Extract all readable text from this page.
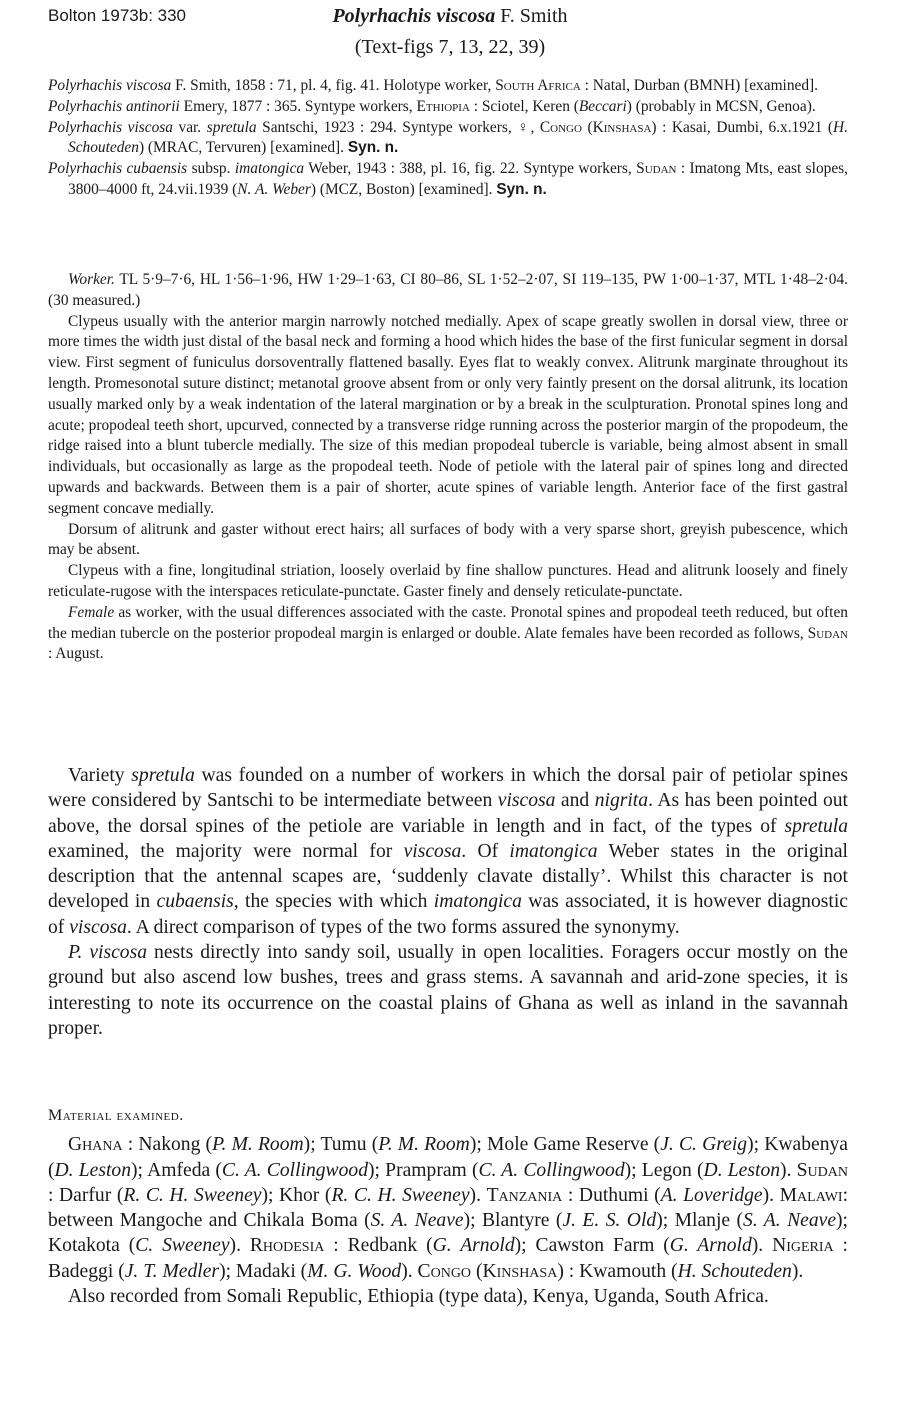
Bolton 1973b: 330	Polyrhachis viscosa F. Smith
(Text-figs 7, 13, 22, 39)

Polyrhachis viscosa F. Smith, 1858 : 71, pl. 4, fig. 41. Holotype worker, South Africa : Natal, Durban (BMNH) [examined].

Polyrhachis antinorii Emery, 1877 : 365. Syntype workers, Ethiopia : Sciotel, Keren (Beccari) (probably in MCSN, Genoa).

Polyrhachis viscosa var. spretula Santschi, 1923 : 294. Syntype workers, ♀, Congo (Kinshasa) : Kasai, Dumbi, 6.x.1921 (H. Schouteden) (MRAC, Tervuren) [examined]. Syn. n.

Polyrhachis cubaensis subsp. imatongica Weber, 1943 : 388, pl. 16, fig. 22. Syntype workers, Sudan : Imatong Mts, east slopes, 3800–4000 ft, 24.vii.1939 (N. A. Weber) (MCZ, Boston) [examined]. Syn. n.

Worker. TL 5·9–7·6, HL 1·56–1·96, HW 1·29–1·63, CI 80–86, SL 1·52–2·07, SI 119–135, PW 1·00–1·37, MTL 1·48–2·04. (30 measured.)

Clypeus usually with the anterior margin narrowly notched medially. Apex of scape greatly swollen in dorsal view, three or more times the width just distal of the basal neck and forming a hood which hides the base of the first funicular segment in dorsal view. First segment of funiculus dorsoventrally flattened basally. Eyes flat to weakly convex. Alitrunk marginate throughout its length. Promesonotal suture distinct; metanotal groove absent from or only very faintly present on the dorsal alitrunk, its location usually marked only by a weak indentation of the lateral margination or by a break in the sculpturation. Pronotal spines long and acute; propodeal teeth short, upcurved, connected by a transverse ridge running across the posterior margin of the propodeum, the ridge raised into a blunt tubercle medially. The size of this median propodeal tubercle is variable, being almost absent in small individuals, but occasionally as large as the propodeal teeth. Node of petiole with the lateral pair of spines long and directed upwards and backwards. Between them is a pair of shorter, acute spines of variable length. Anterior face of the first gastral segment concave medially.

Dorsum of alitrunk and gaster without erect hairs; all surfaces of body with a very sparse short, greyish pubescence, which may be absent.

Clypeus with a fine, longitudinal striation, loosely overlaid by fine shallow punctures. Head and alitrunk loosely and finely reticulate-rugose with the interspaces reticulate-punctate. Gaster finely and densely reticulate-punctate.

Female as worker, with the usual differences associated with the caste. Pronotal spines and propodeal teeth reduced, but often the median tubercle on the posterior propodeal margin is enlarged or double. Alate females have been recorded as follows, Sudan : August.

Variety spretula was founded on a number of workers in which the dorsal pair of petiolar spines were considered by Santschi to be intermediate between viscosa and nigrita. As has been pointed out above, the dorsal spines of the petiole are variable in length and in fact, of the types of spretula examined, the majority were normal for viscosa. Of imatongica Weber states in the original description that the antennal scapes are, ‘suddenly clavate distally’. Whilst this character is not developed in cubaensis, the species with which imatongica was associated, it is however diagnostic of viscosa. A direct comparison of types of the two forms assured the synonymy.

P. viscosa nests directly into sandy soil, usually in open localities. Foragers occur mostly on the ground but also ascend low bushes, trees and grass stems. A savannah and arid-zone species, it is interesting to note its occurrence on the coastal plains of Ghana as well as inland in the savannah proper.

Material examined.

Ghana : Nakong (P. M. Room); Tumu (P. M. Room); Mole Game Reserve (J. C. Greig); Kwabenya (D. Leston); Amfeda (C. A. Collingwood); Prampram (C. A. Collingwood); Legon (D. Leston). Sudan : Darfur (R. C. H. Sweeney); Khor (R. C. H. Sweeney). Tanzania : Duthumi (A. Loveridge). Malawi: between Mangoche and Chikala Boma (S. A. Neave); Blantyre (J. E. S. Old); Mlanje (S. A. Neave); Kotakota (C. Sweeney). Rhodesia : Redbank (G. Arnold); Cawston Farm (G. Arnold). Nigeria : Badeggi (J. T. Medler); Madaki (M. G. Wood). Congo (Kinshasa) : Kwamouth (H. Schouteden).

Also recorded from Somali Republic, Ethiopia (type data), Kenya, Uganda, South Africa.
